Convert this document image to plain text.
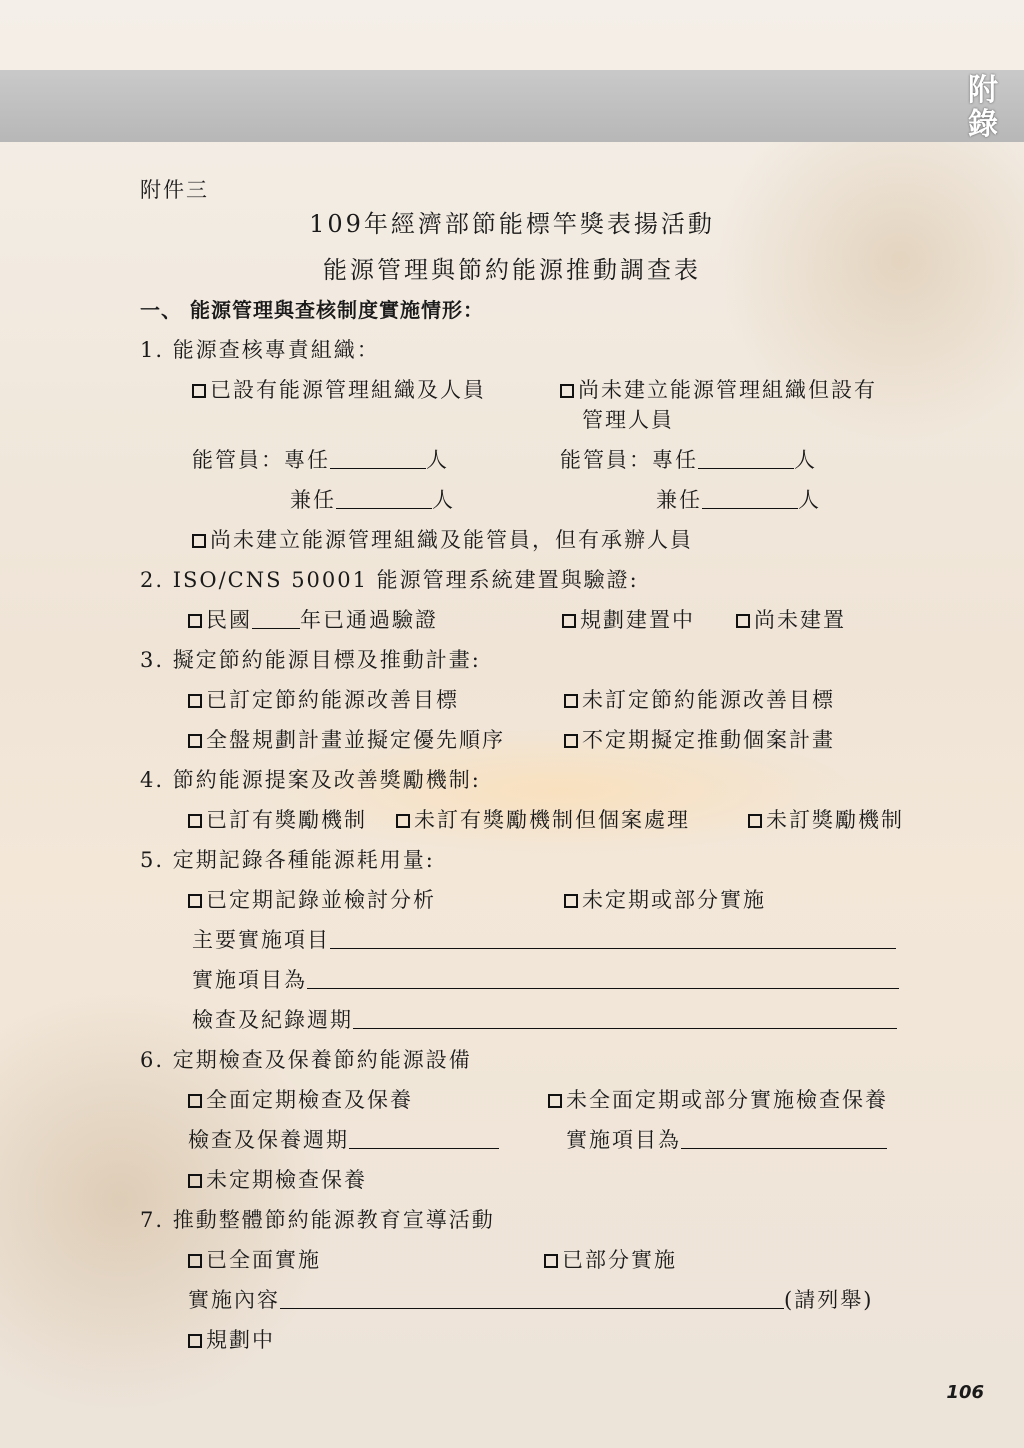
附錄
附件三
109年經濟部節能標竿獎表揚活動
能源管理與節約能源推動調查表
一、 能源管理與查核制度實施情形：
1. 能源查核專責組織：
已設有能源管理組織及人員	尚未建立能源管理組織但設有
管理人員
能管員：專任	人	能管員：專任	人
兼任	人	兼任	人
尚未建立能源管理組織及能管員，但有承辦人員
2. ISO/CNS 50001 能源管理系統建置與驗證:
民國 年已通過驗證	規劃建置中	尚未建置
3. 擬定節約能源目標及推動計畫:
已訂定節約能源改善目標	未訂定節約能源改善目標
全盤規劃計畫並擬定優先順序	不定期擬定推動個案計畫
4. 節約能源提案及改善獎勵機制:
已訂有獎勵機制	未訂有獎勵機制但個案處理	未訂獎勵機制
5. 定期記錄各種能源耗用量:
已定期記錄並檢討分析	未定期或部分實施
主要實施項目
實施項目為
檢查及紀錄週期
6. 定期檢查及保養節約能源設備
全面定期檢查及保養	未全面定期或部分實施檢查保養
檢查及保養週期	實施項目為
未定期檢查保養
7. 推動整體節約能源教育宣導活動
已全面實施	已部分實施
實施內容	(請列舉)
規劃中
106
